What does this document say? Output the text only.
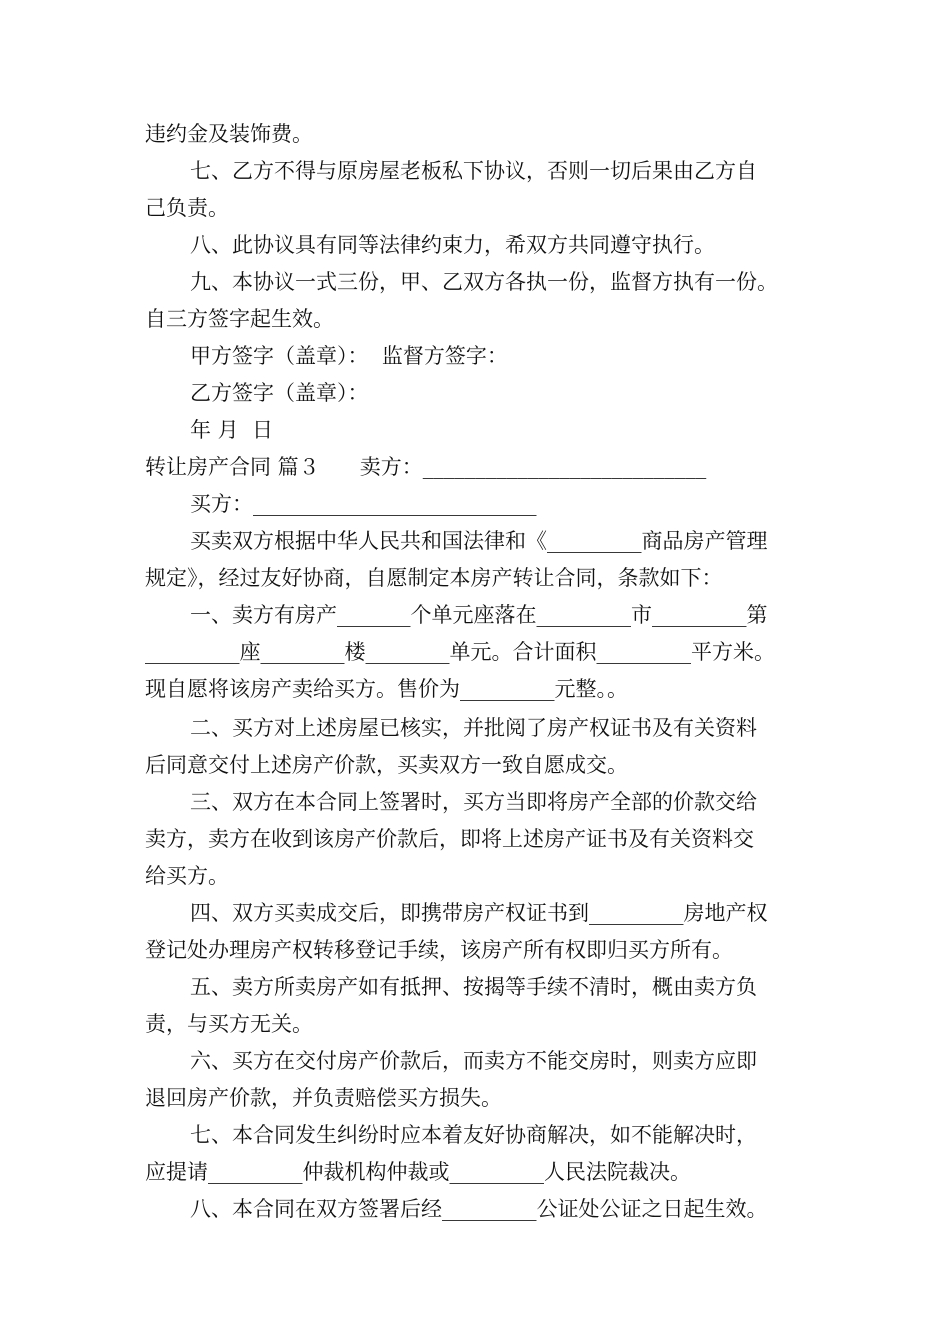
违约金及装饰费。
七、乙方不得与原房屋老板私下协议，否则一切后果由乙方自
己负责。
八、此协议具有同等法律约束力，希双方共同遵守执行。
九、本协议一式三份，甲、乙双方各执一份，监督方执有一份。
自三方签字起生效。
甲方签字（盖章）：  监督方签字：
乙方签字（盖章）：
年 月  日
转让房产合同 篇３      卖方：___________________________
买方：___________________________
买卖双方根据中华人民共和国法律和《_________商品房产管理
规定》，经过友好协商，自愿制定本房产转让合同，条款如下：
一、卖方有房产_______个单元座落在_________市_________第
_________座________楼________单元。合计面积_________平方米。
现自愿将该房产卖给买方。售价为_________元整。。
二、买方对上述房屋已核实，并批阅了房产权证书及有关资料
后同意交付上述房产价款，买卖双方一致自愿成交。
三、双方在本合同上签署时，买方当即将房产全部的价款交给
卖方，卖方在收到该房产价款后，即将上述房产证书及有关资料交
给买方。
四、双方买卖成交后，即携带房产权证书到_________房地产权
登记处办理房产权转移登记手续，该房产所有权即归买方所有。
五、卖方所卖房产如有抵押、按揭等手续不清时，概由卖方负
责，与买方无关。
六、买方在交付房产价款后，而卖方不能交房时，则卖方应即
退回房产价款，并负责赔偿买方损失。
七、本合同发生纠纷时应本着友好协商解决，如不能解决时，
应提请_________仲裁机构仲裁或_________人民法院裁决。
八、本合同在双方签署后经_________公证处公证之日起生效。
